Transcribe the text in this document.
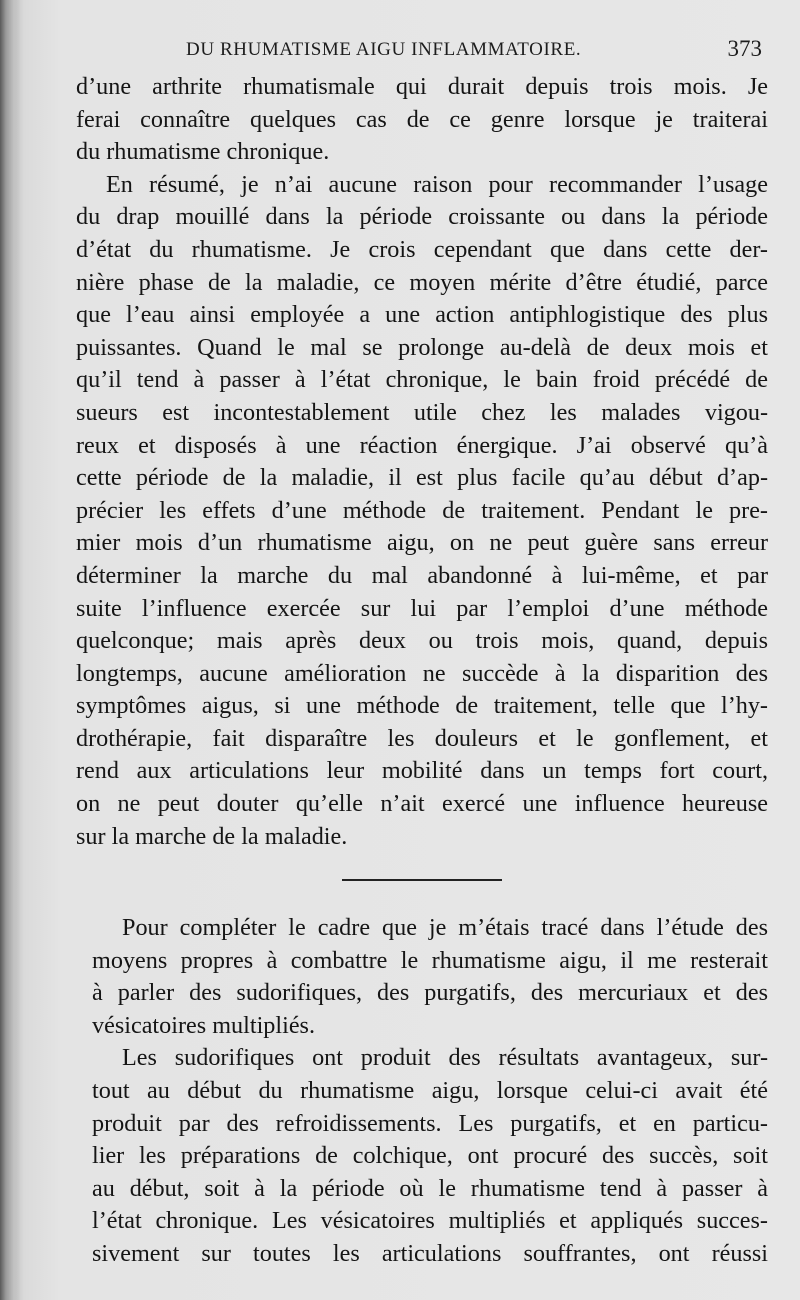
DU RHUMATISME AIGU INFLAMMATOIRE.	373
d’une arthrite rhumatismale qui durait depuis trois mois. Je
ferai connaître quelques cas de ce genre lorsque je traiterai
du rhumatisme chronique.
En résumé, je n’ai aucune raison pour recommander l’usage
du drap mouillé dans la période croissante ou dans la période
d’état du rhumatisme. Je crois cependant que dans cette der-
nière phase de la maladie, ce moyen mérite d’être étudié, parce
que l’eau ainsi employée a une action antiphlogistique des plus
puissantes. Quand le mal se prolonge au-delà de deux mois et
qu’il tend à passer à l’état chronique, le bain froid précédé de
sueurs est incontestablement utile chez les malades vigou-
reux et disposés à une réaction énergique. J’ai observé qu’à
cette période de la maladie, il est plus facile qu’au début d’ap-
précier les effets d’une méthode de traitement. Pendant le pre-
mier mois d’un rhumatisme aigu, on ne peut guère sans erreur
déterminer la marche du mal abandonné à lui-même, et par
suite l’influence exercée sur lui par l’emploi d’une méthode
quelconque; mais après deux ou trois mois, quand, depuis
longtemps, aucune amélioration ne succède à la disparition des
symptômes aigus, si une méthode de traitement, telle que l’hy-
drothérapie, fait disparaître les douleurs et le gonflement, et
rend aux articulations leur mobilité dans un temps fort court,
on ne peut douter qu’elle n’ait exercé une influence heureuse
sur la marche de la maladie.
Pour compléter le cadre que je m’étais tracé dans l’étude des
moyens propres à combattre le rhumatisme aigu, il me resterait
à parler des sudorifiques, des purgatifs, des mercuriaux et des
vésicatoires multipliés.
Les sudorifiques ont produit des résultats avantageux, sur-
tout au début du rhumatisme aigu, lorsque celui-ci avait été
produit par des refroidissements. Les purgatifs, et en particu-
lier les préparations de colchique, ont procuré des succès, soit
au début, soit à la période où le rhumatisme tend à passer à
l’état chronique. Les vésicatoires multipliés et appliqués succes-
sivement sur toutes les articulations souffrantes, ont réussi
